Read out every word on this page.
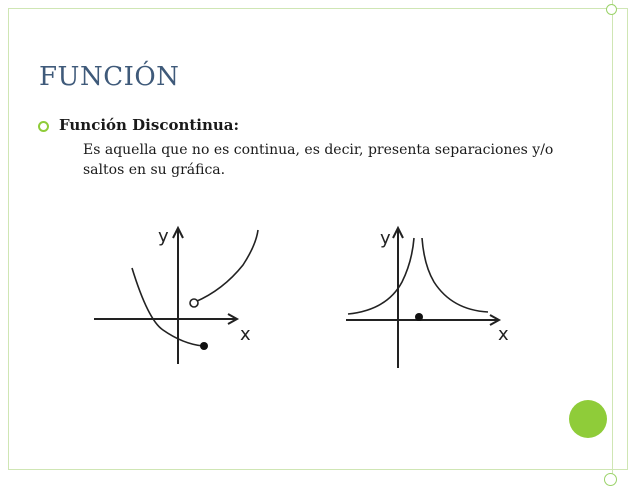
FUNCIÓN
Función Discontinua:
Es aquella que no es continua, es decir, presenta separaciones y/o saltos en su gráfica.
y
x
y
x
